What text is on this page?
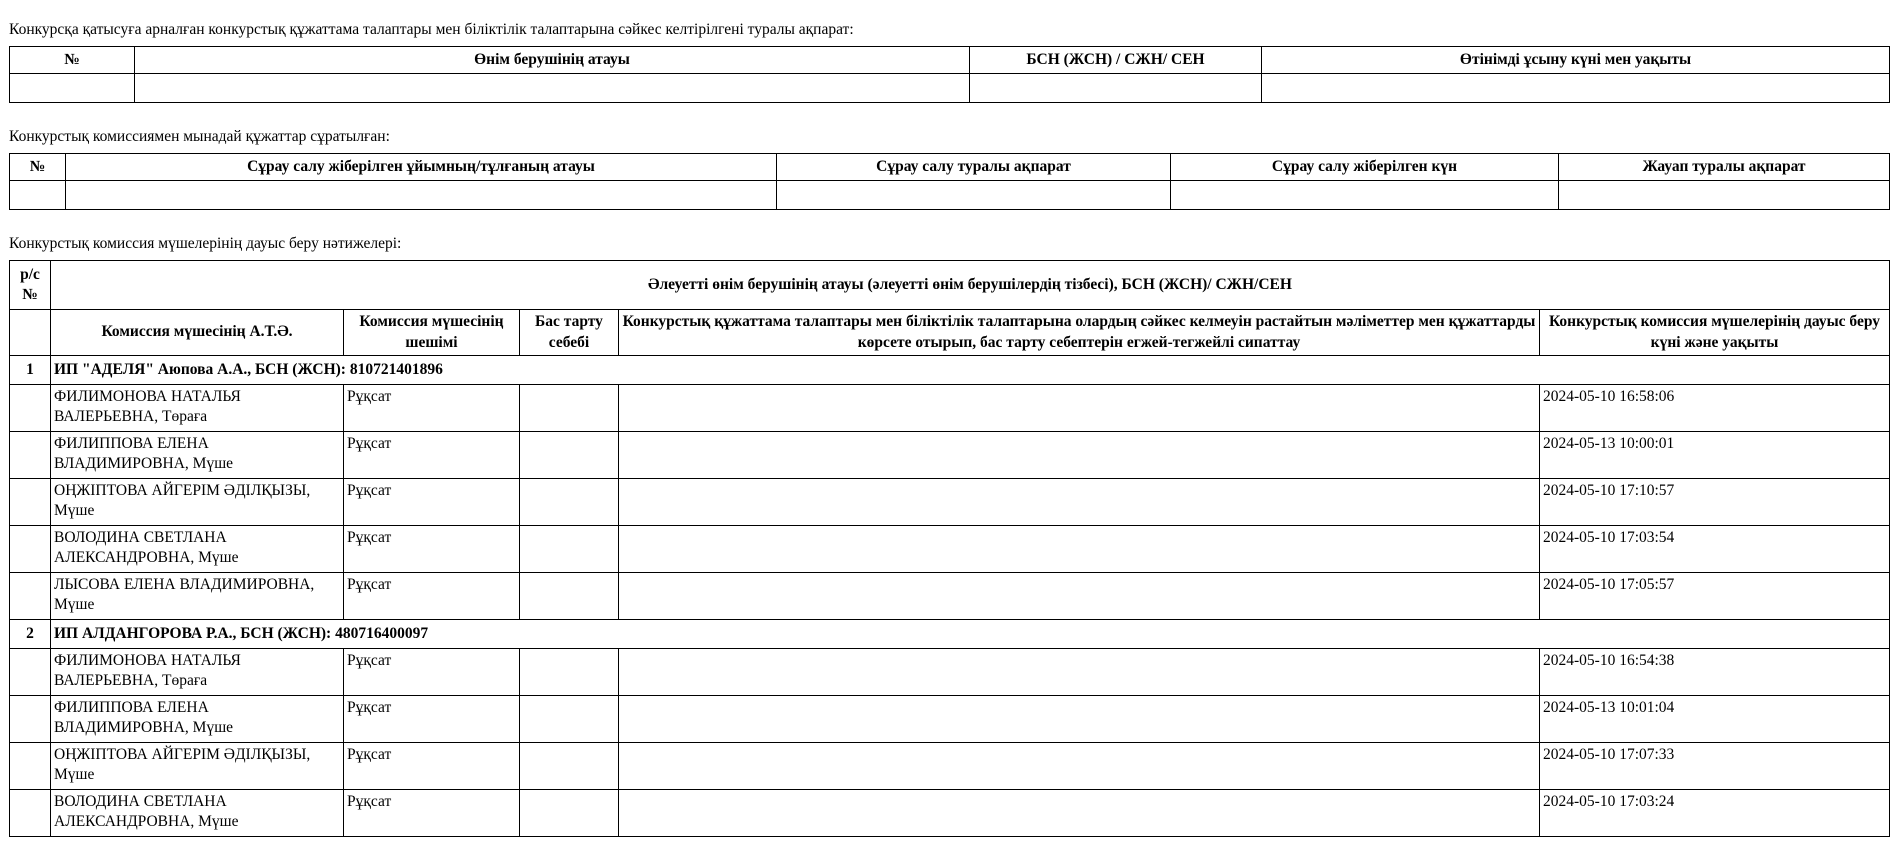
Конкурсқа қатысуға арналған конкурстық құжаттама талаптары мен біліктілік талаптарына сәйкес келтірілгені туралы ақпарат:
№	Өнім берушінің атауы	БСН (ЖСН) / СЖН/ СЕН	Өтінімді ұсыну күні мен уақыты

Конкурстық комиссиямен мынадай құжаттар сұратылған:
№	Сұрау салу жіберілген ұйымның/тұлғаның атауы	Сұрау салу туралы ақпарат	Сұрау салу жіберілген күн	Жауап туралы ақпарат

Конкурстық комиссия мүшелерінің дауыс беру нәтижелері:
р/с №	Әлеуетті өнім берушінің атауы (әлеуетті өнім берушілердің тізбесі), БСН (ЖСН)/ СЖН/СЕН				
	Комиссия мүшесінің А.Т.Ә.	Комиссия мүшесінің шешімі	Бас тарту себебі	Конкурстық құжаттама талаптары мен біліктілік талаптарына олардың сәйкес келмеуін растайтын мәліметтер мен құжаттарды көрсете отырып, бас тарту себептерін егжей-тегжейлі сипаттау	Конкурстық комиссия мүшелерінің дауыс беру күні және уақыты
1	ИП "АДЕЛЯ" Аюпова А.А., БСН (ЖСН): 810721401896				
	ФИЛИМОНОВА НАТАЛЬЯ ВАЛЕРЬЕВНА, Төраға	Рұқсат			2024-05-10 16:58:06
	ФИЛИППОВА ЕЛЕНА ВЛАДИМИРОВНА, Мүше	Рұқсат			2024-05-13 10:00:01
	ОҢЖІПТОВА АЙГЕРІМ ӘДІЛҚЫЗЫ, Мүше	Рұқсат			2024-05-10 17:10:57
	ВОЛОДИНА СВЕТЛАНА АЛЕКСАНДРОВНА, Мүше	Рұқсат			2024-05-10 17:03:54
	ЛЫСОВА ЕЛЕНА ВЛАДИМИРОВНА, Мүше	Рұқсат			2024-05-10 17:05:57
2	ИП АЛДАНГОРОВА Р.А., БСН (ЖСН): 480716400097				
	ФИЛИМОНОВА НАТАЛЬЯ ВАЛЕРЬЕВНА, Төраға	Рұқсат			2024-05-10 16:54:38
	ФИЛИППОВА ЕЛЕНА ВЛАДИМИРОВНА, Мүше	Рұқсат			2024-05-13 10:01:04
	ОҢЖІПТОВА АЙГЕРІМ ӘДІЛҚЫЗЫ, Мүше	Рұқсат			2024-05-10 17:07:33
	ВОЛОДИНА СВЕТЛАНА АЛЕКСАНДРОВНА, Мүше	Рұқсат			2024-05-10 17:03:24
